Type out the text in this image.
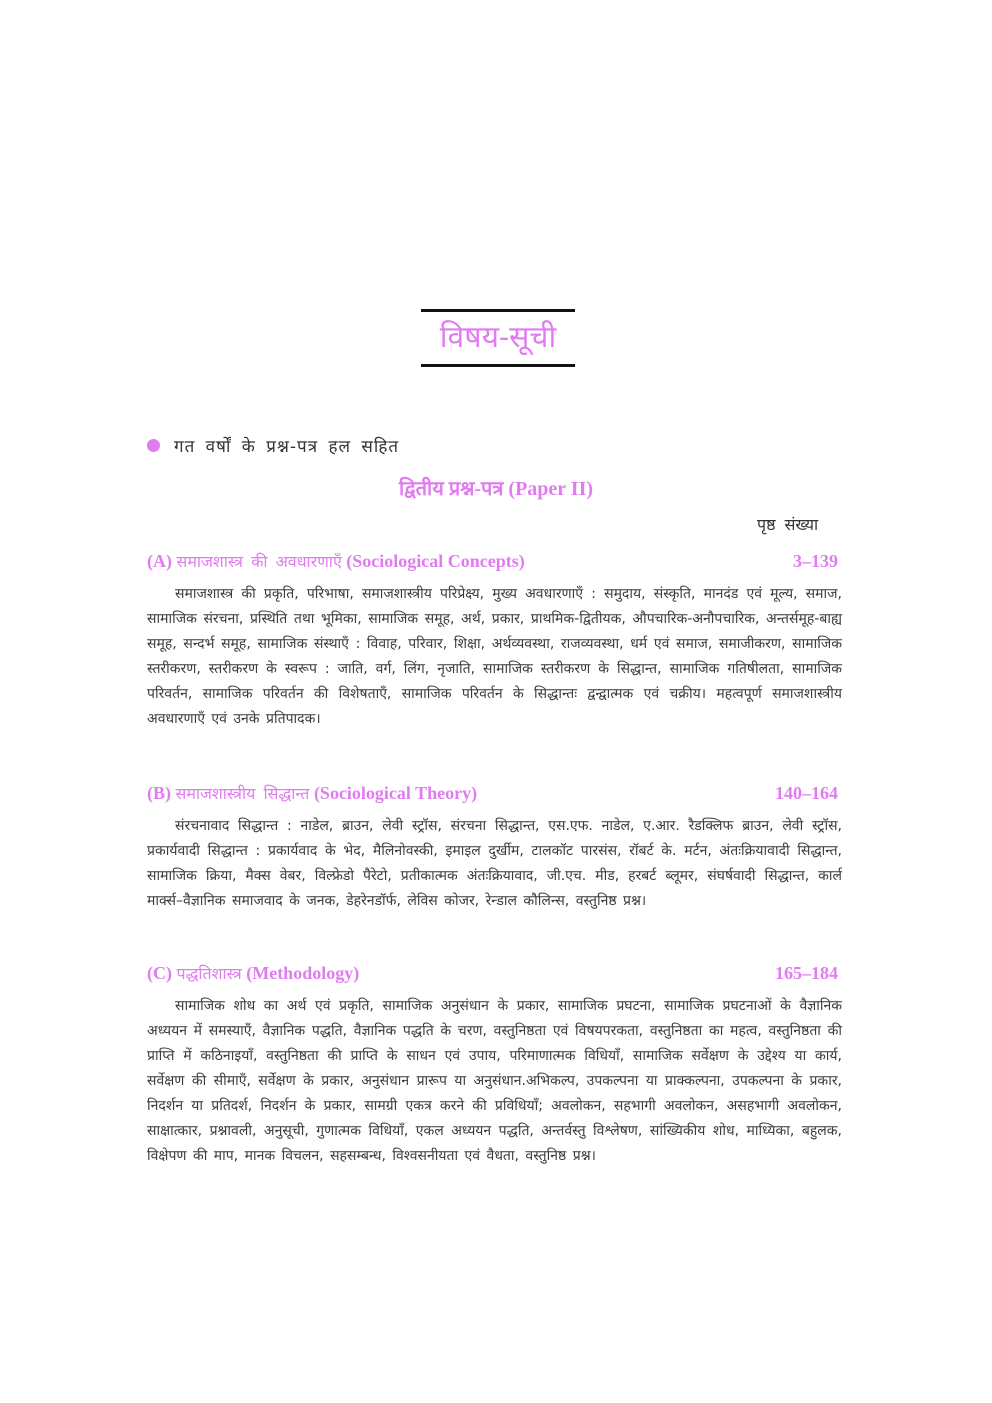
विषय-सूची
गत वर्षों के प्रश्न-पत्र हल सहित
द्वितीय प्रश्न-पत्र (Paper II)
पृष्ठ संख्या
(A) समाजशास्त्र की अवधारणाएँ (Sociological Concepts)	3–139
समाजशास्त्र की प्रकृति, परिभाषा, समाजशास्त्रीय परिप्रेक्ष्य, मुख्य अवधारणाएँ : समुदाय, संस्कृति, मानदंड एवं मूल्य, समाज, सामाजिक संरचना, प्रस्थिति तथा भूमिका, सामाजिक समूह, अर्थ, प्रकार, प्राथमिक-द्वितीयक, औपचारिक-अनौपचारिक, अन्तर्समूह-बाह्य समूह, सन्दर्भ समूह, सामाजिक संस्थाएँ : विवाह, परिवार, शिक्षा, अर्थव्यवस्था, राजव्यवस्था, धर्म एवं समाज, समाजीकरण, सामाजिक स्तरीकरण, स्तरीकरण के स्वरूप : जाति, वर्ग, लिंग, नृजाति, सामाजिक स्तरीकरण के सिद्धान्त, सामाजिक गतिषीलता, सामाजिक परिवर्तन, सामाजिक परिवर्तन की विशेषताएँ, सामाजिक परिवर्तन के सिद्धान्तः द्वन्द्वात्मक एवं चक्रीय। महत्वपूर्ण समाजशास्त्रीय अवधारणाएँ एवं उनके प्रतिपादक।
(B) समाजशास्त्रीय सिद्धान्त (Sociological Theory)	140–164
संरचनावाद सिद्धान्त : नाडेल, ब्राउन, लेवी स्ट्रॉस, संरचना सिद्धान्त, एस.एफ. नाडेल, ए.आर. रैडक्लिफ ब्राउन, लेवी स्ट्रॉस, प्रकार्यवादी सिद्धान्त : प्रकार्यवाद के भेद, मैलिनोवस्की, इमाइल दुर्खीम, टालकॉट पारसंस, रॉबर्ट के. मर्टन, अंतःक्रियावादी सिद्धान्त, सामाजिक क्रिया, मैक्स वेबर, विल्फ्रेडो पैरेटो, प्रतीकात्मक अंतःक्रियावाद, जी.एच. मीड, हरबर्ट ब्लूमर, संघर्षवादी सिद्धान्त, कार्ल मार्क्स–वैज्ञानिक समाजवाद के जनक, डेहरेनडॉर्फ, लेविस कोजर, रेन्डाल कौलिन्स, वस्तुनिष्ठ प्रश्न।
(C) पद्धतिशास्त्र (Methodology)	165–184
सामाजिक शोध का अर्थ एवं प्रकृति, सामाजिक अनुसंधान के प्रकार, सामाजिक प्रघटना, सामाजिक प्रघटनाओं के वैज्ञानिक अध्ययन में समस्याएँ, वैज्ञानिक पद्धति, वैज्ञानिक पद्धति के चरण, वस्तुनिष्ठता एवं विषयपरकता, वस्तुनिष्ठता का महत्व, वस्तुनिष्ठता की प्राप्ति में कठिनाइयाँ, वस्तुनिष्ठता की प्राप्ति के साधन एवं उपाय, परिमाणात्मक विधियाँ, सामाजिक सर्वेक्षण के उद्देश्य या कार्य, सर्वेक्षण की सीमाएँ, सर्वेक्षण के प्रकार, अनुसंधान प्रारूप या अनुसंधान.अभिकल्प, उपकल्पना या प्राक्कल्पना, उपकल्पना के प्रकार, निदर्शन या प्रतिदर्श, निदर्शन के प्रकार, सामग्री एकत्र करने की प्रविधियाँ; अवलोकन, सहभागी अवलोकन, असहभागी अवलोकन, साक्षात्कार, प्रश्नावली, अनुसूची, गुणात्मक विधियाँ, एकल अध्ययन पद्धति, अन्तर्वस्तु विश्लेषण, सांख्यिकीय शोध, माध्यिका, बहुलक, विक्षेपण की माप, मानक विचलन, सहसम्बन्ध, विश्वसनीयता एवं वैधता, वस्तुनिष्ठ प्रश्न।
